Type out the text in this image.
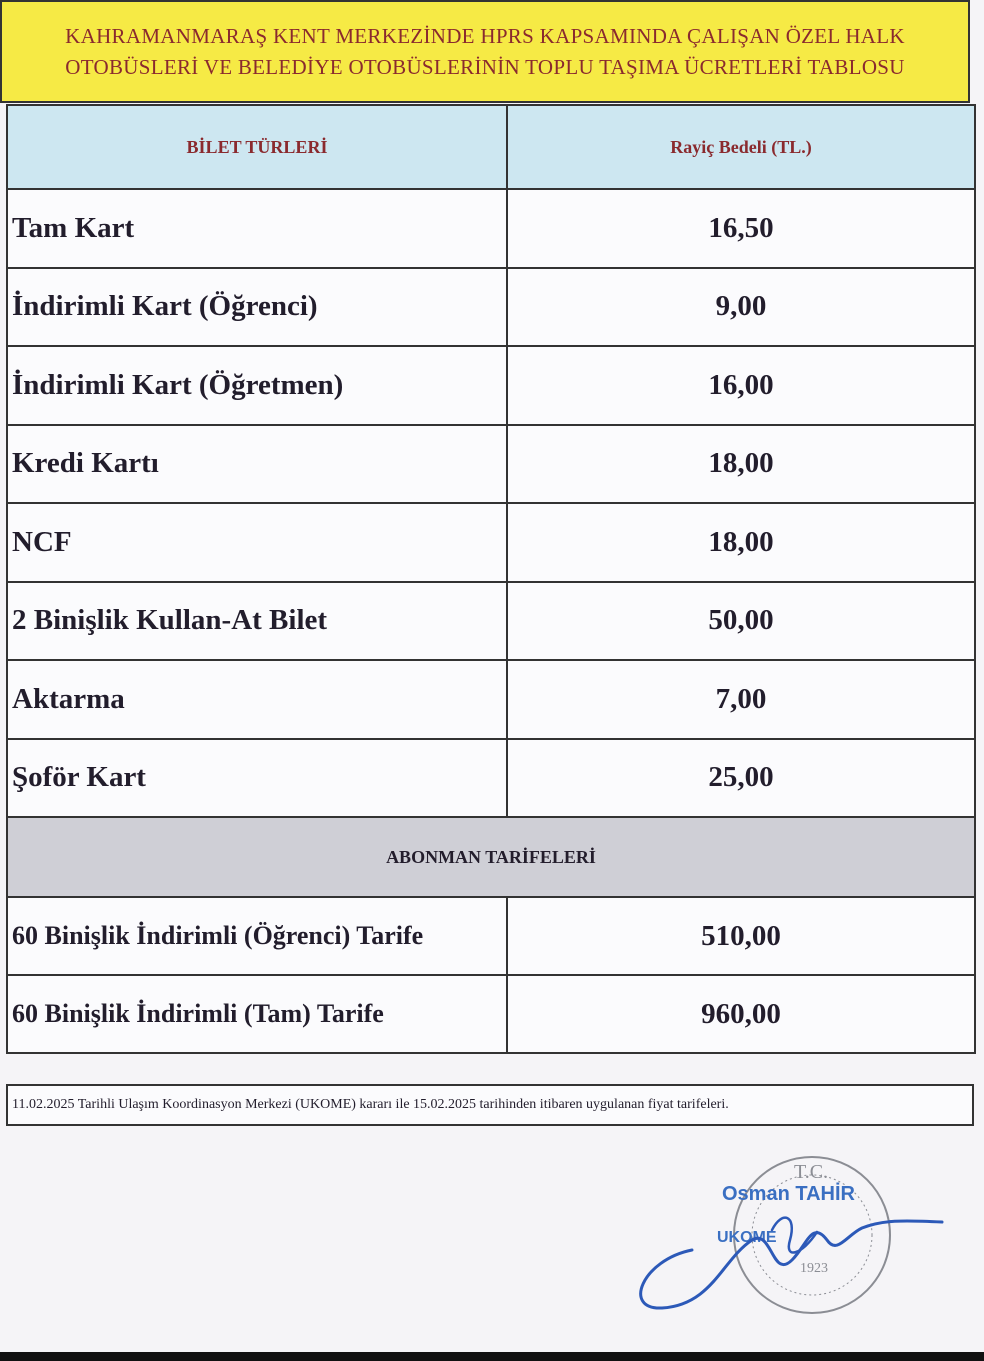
KAHRAMANMARAŞ KENT MERKEZİNDE HPRS KAPSAMINDA ÇALIŞAN ÖZEL HALK
OTOBÜSLERİ VE BELEDİYE OTOBÜSLERİNİN TOPLU TAŞIMA ÜCRETLERİ TABLOSU
BİLET TÜRLERİ	Rayiç Bedeli (TL.)
Tam Kart	16,50
İndirimli Kart (Öğrenci)	9,00
İndirimli Kart (Öğretmen)	16,00
Kredi Kartı	18,00
NCF	18,00
2 Binişlik Kullan-At Bilet	50,00
Aktarma	7,00
Şoför Kart	25,00
ABONMAN TARİFELERİ	
60 Binişlik İndirimli (Öğrenci) Tarife	510,00
60 Binişlik İndirimli (Tam) Tarife	960,00
11.02.2025 Tarihli Ulaşım Koordinasyon Merkezi (UKOME) kararı ile 15.02.2025 tarihinden itibaren uygulanan fiyat tarifeleri.
T.C.
Osman TAHİR
UKOME
1923
